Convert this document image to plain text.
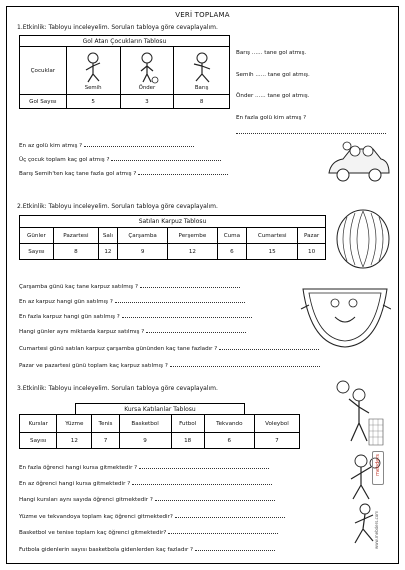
VERİ TOPLAMA
1.Etkinlik: Tabloyu inceleyelim. Soruları tabloya göre cevaplayalım.
Gol Atan Çocukların Tablosu
Çocuklar	Semih	Önder	Barış

Gol Sayısı	5	3	8
Barış ...... tane gol atmış.
Semih ...... tane gol atmış.
Önder ...... tane gol atmış.
En fazla golü kim atmış ?
En az golü kim atmış ?
Üç çocuk toplam kaç gol atmış ?
Barış Semih'ten kaç tane fazla gol atmış ?
2.Etkinlik: Tabloyu inceleyelim. Soruları tabloya göre cevaplayalım.
Satılan Karpuz Tablosu
Günler	Pazartesi	Salı	Çarşamba	Perşembe	Cuma	Cumartesi	Pazar
Sayısı	8	12	9	12	6	15	10
Çarşamba günü kaç tane karpuz satılmış ?
En az karpuz hangi gün satılmış ?
En fazla karpuz hangi gün satılmış ?
Hangi günler aynı miktarda karpuz satılmış ?
Cumartesi günü satılan karpuz çarşamba gününden kaç tane fazladır ?
Pazar ve pazartesi günü toplam kaç karpuz satılmış ?
3.Etkinlik: Tabloyu inceleyelim. Soruları tabloya göre cevaplayalım.
Kursa Katılanlar Tablosu
Kurslar	Yüzme	Tenis	Basketbol	Futbol	Tekvando	Voleybol
Sayısı	12	7	9	18	6	7
mebders
www.mebders.com
En fazla öğrenci hangi kursa gitmektedir ?
En az öğrenci hangi kursa gitmektedir ?
Hangi kursları aynı sayıda öğrenci gitmektedir ?
Yüzme ve tekvandoya toplam kaç öğrenci gitmektedir?
Basketbol ve tenise toplam kaç öğrenci gitmektedir?
Futbola gidenlerin sayısı basketbola gidenlerden kaç fazladır ?
